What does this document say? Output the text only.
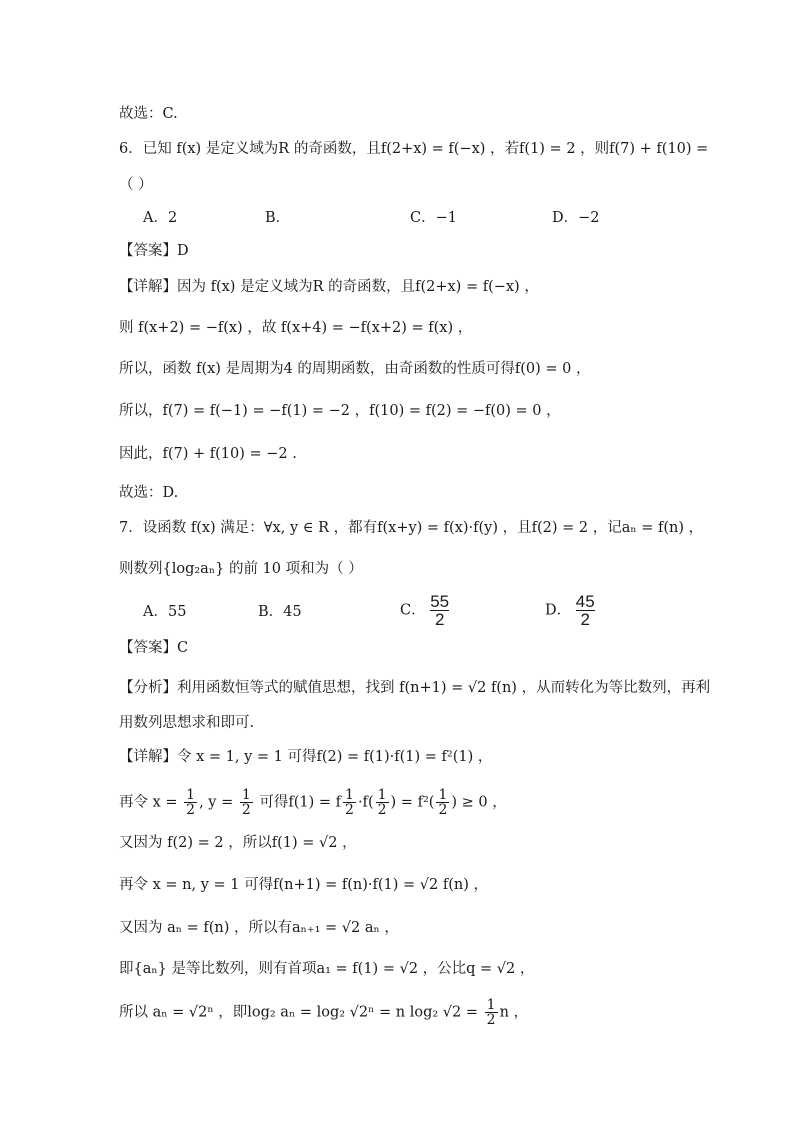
故选：C.
6．已知 f(x) 是定义域为R 的奇函数，且f(2+x) = f(−x) ，若f(1) = 2 ，则f(7) + f(10) =
（ ）
A．2	B．	C．−1	D．−2
【答案】D
【详解】因为 f(x) 是定义域为R 的奇函数，且f(2+x) = f(−x) ，
则 f(x+2) = −f(x) ，故 f(x+4) = −f(x+2) = f(x) ，
所以，函数 f(x) 是周期为4 的周期函数，由奇函数的性质可得f(0) = 0 ，
所以，f(7) = f(−1) = −f(1) = −2 ，f(10) = f(2) = −f(0) = 0 ，
因此，f(7) + f(10) = −2 .
故选：D.
7．设函数 f(x) 满足：∀x, y ∈ R ，都有f(x+y) = f(x)·f(y) ，且f(2) = 2 ，记aₙ = f(n) ，
则数列{log₂aₙ} 的前 10 项和为（ ）
A．55	B．45	C． $\frac{55}{2}$	D． $\frac{45}{2}$
【答案】C
【分析】利用函数恒等式的赋值思想，找到 f(n+1) = √2 f(n) ，从而转化为等比数列，再利
用数列思想求和即可.
【详解】令 x = 1, y = 1 可得f(2) = f(1)·f(1) = f²(1) ，
再令 $x = \frac{1}{2}$ , $y = \frac{1}{2}$ 可得f(1) = f $\frac{1}{2} \cdot f( \frac{1}{2}$ ) = $f^2( \frac{1}{2}$ ) ≥ 0 ，
又因为 f(2) = 2 ，所以f(1) = √2 ，
再令 x = n, y = 1 可得f(n+1) = f(n)·f(1) = √2 f(n) ，
又因为 aₙ = f(n) ，所以有aₙ₊₁ = √2 aₙ ，
即{aₙ} 是等比数列，则有首项a₁ = f(1) = √2 ，公比q = √2 ，
所以 aₙ = √2ⁿ ，即log₂ aₙ = log₂ √2ⁿ = n log₂ $√2 = \frac{1}{2}$ n ，
